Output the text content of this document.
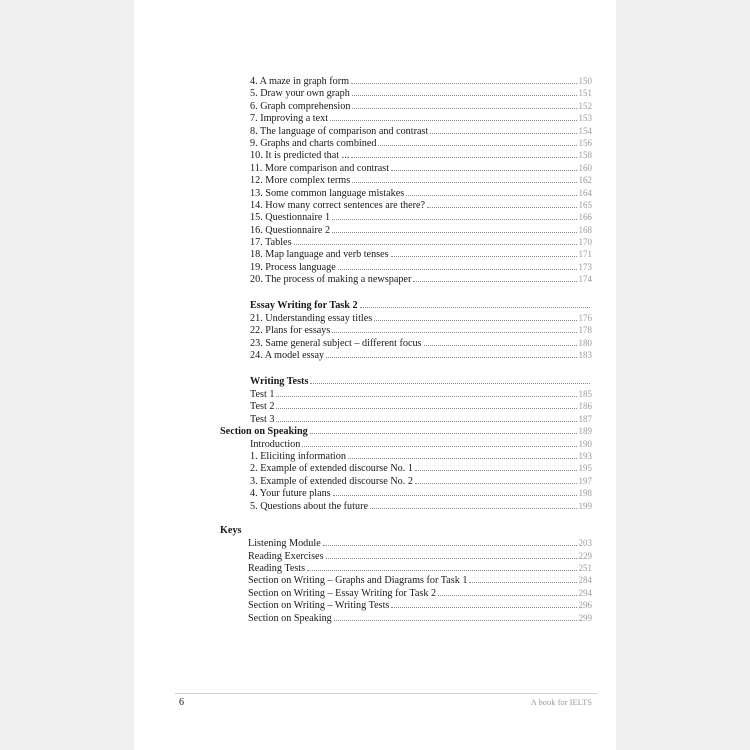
4. A maze in graph form	150
5. Draw your own graph	151
6. Graph comprehension	152
7. Improving a text	153
8. The language of comparison and contrast	154
9. Graphs and charts combined	156
10. It is predicted that ...	158
11. More comparison and contrast	160
12. More complex terms	162
13. Some common language mistakes	164
14. How many correct sentences are there?	165
15. Questionnaire 1	166
16. Questionnaire 2	168
17. Tables	170
18. Map language and verb tenses	171
19. Process language	173
20. The process of making a newspaper	174
Essay Writing for Task 2
21. Understanding essay titles	176
22. Plans for essays	178
23. Same general subject – different focus	180
24. A model essay	183
Writing Tests
Test 1	185
Test 2	186
Test 3	187
Section on Speaking	189
Introduction	190
1. Eliciting information	193
2. Example of extended discourse No. 1	195
3. Example of extended discourse No. 2	197
4. Your future plans	198
5. Questions about the future	199
Keys
Listening Module	203
Reading Exercises	229
Reading Tests	251
Section on Writing – Graphs and Diagrams for Task 1	284
Section on Writing – Essay Writing for Task 2	294
Section on Writing – Writing Tests	296
Section on Speaking	299
6	A book for IELTS
